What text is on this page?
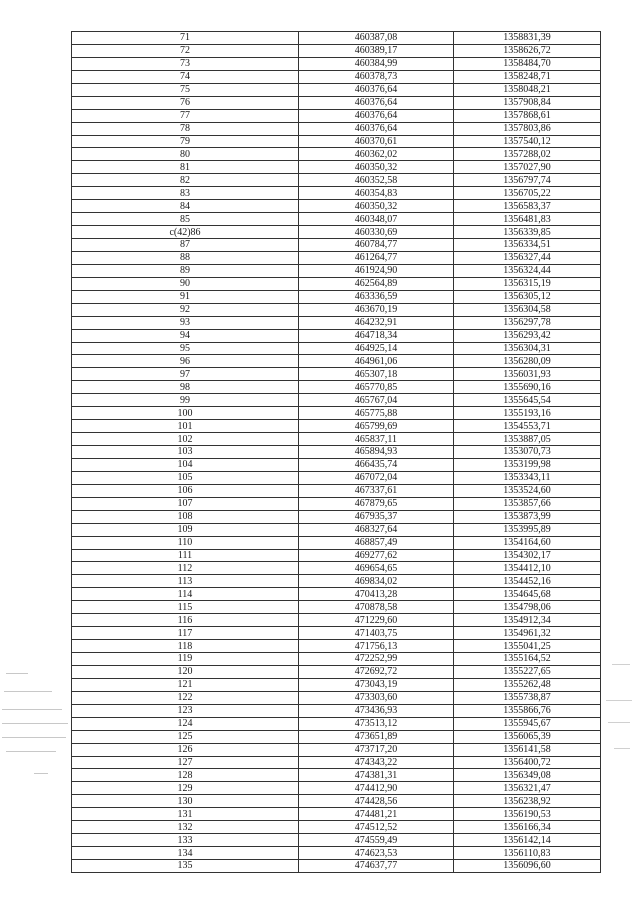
71	460387,08	1358831,39
72	460389,17	1358626,72
73	460384,99	1358484,70
74	460378,73	1358248,71
75	460376,64	1358048,21
76	460376,64	1357908,84
77	460376,64	1357868,61
78	460376,64	1357803,86
79	460370,61	1357540,12
80	460362,02	1357288,02
81	460350,32	1357027,90
82	460352,58	1356797,74
83	460354,83	1356705,22
84	460350,32	1356583,37
85	460348,07	1356481,83
c(42)86	460330,69	1356339,85
87	460784,77	1356334,51
88	461264,77	1356327,44
89	461924,90	1356324,44
90	462564,89	1356315,19
91	463336,59	1356305,12
92	463670,19	1356304,58
93	464232,91	1356297,78
94	464718,34	1356293,42
95	464925,14	1356304,31
96	464961,06	1356280,09
97	465307,18	1356031,93
98	465770,85	1355690,16
99	465767,04	1355645,54
100	465775,88	1355193,16
101	465799,69	1354553,71
102	465837,11	1353887,05
103	465894,93	1353070,73
104	466435,74	1353199,98
105	467072,04	1353343,11
106	467337,61	1353524,60
107	467879,65	1353857,66
108	467935,37	1353873,99
109	468327,64	1353995,89
110	468857,49	1354164,60
111	469277,62	1354302,17
112	469654,65	1354412,10
113	469834,02	1354452,16
114	470413,28	1354645,68
115	470878,58	1354798,06
116	471229,60	1354912,34
117	471403,75	1354961,32
118	471756,13	1355041,25
119	472252,99	1355164,52
120	472692,72	1355227,65
121	473043,19	1355262,48
122	473303,60	1355738,87
123	473436,93	1355866,76
124	473513,12	1355945,67
125	473651,89	1356065,39
126	473717,20	1356141,58
127	474343,22	1356400,72
128	474381,31	1356349,08
129	474412,90	1356321,47
130	474428,56	1356238,92
131	474481,21	1356190,53
132	474512,52	1356166,34
133	474559,49	1356142,14
134	474623,53	1356110,83
135	474637,77	1356096,60
